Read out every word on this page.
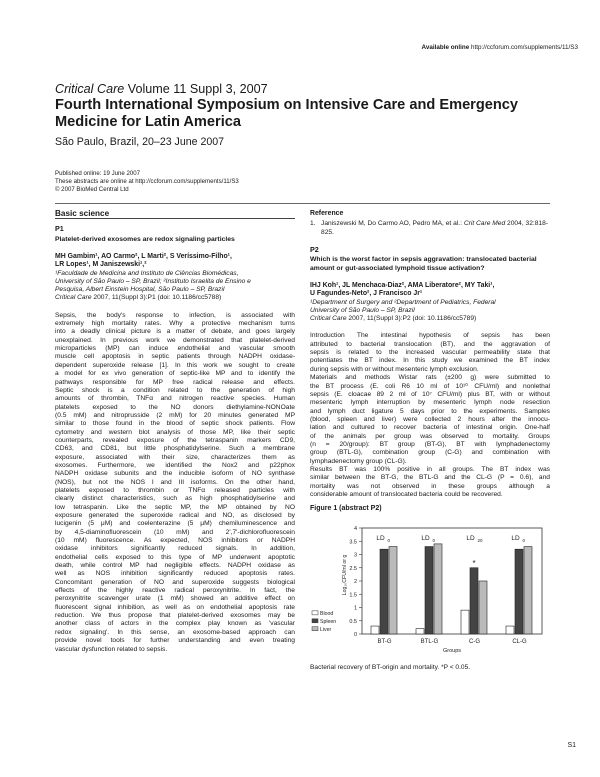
Available online http://ccforum.com/supplements/11/S3
Critical Care Volume 11 Suppl 3, 2007
Fourth International Symposium on Intensive Care and Emergency Medicine for Latin America
São Paulo, Brazil, 20–23 June 2007
Published online: 19 June 2007
These abstracts are online at http://ccforum.com/supplements/11/S3
© 2007 BioMed Central Ltd
Basic science
P1
Platelet-derived exosomes are redox signaling particles
MH Gambim¹, AO Carmo², L Marti², S Veríssimo-Filho¹,
LR Lopes¹, M Janiszewski¹,²
¹Faculdade de Medicina and Instituto de Ciências Biomédicas,
University of São Paulo – SP, Brazil; ²Instituto Israelita de Ensino e
Pesquisa, Albert Einstein Hospital, São Paulo – SP, Brazil
Critical Care 2007, 11(Suppl 3):P1 (doi: 10.1186/cc5788)

Sepsis, the body's response to infection, is associated with

extremely high mortality rates. Why a protective mechanism turns

into a deadly clinical picture is a matter of debate, and goes largely

unexplained. In previous work we demonstrated that platelet-derived

microparticles (MP) can induce endothelial and vascular smooth

muscle cell apoptosis in septic patients through NADPH oxidase-

dependent superoxide release [1]. In this work we sought to create

a model for ex vivo generation of septic-like MP and to identify the

pathways responsible for MP free radical release and effects.

Septic shock is a condition related to the generation of high

amounts of thrombin, TNFα and nitrogen reactive species. Human

platelets exposed to the NO donors diethylamine-NONOate

(0.5 mM) and nitroprusside (2 mM) for 20 minutes generated MP

similar to those found in the blood of septic shock patients. Flow

cytometry and western blot analysis of those MP, like their septic

counterparts, revealed exposure of the tetraspanin markers CD9,

CD63, and CD81, but little phosphatidylserine. Such a membrane

exposure, associated with their size, characterizes them as

exosomes. Furthermore, we identified the Nox2 and p22phox

NADPH oxidase subunits and the inducible isoform of NO synthase

(NOS), but not the NOS I and III isoforms. On the other hand,

platelets exposed to thrombin or TNFα released particles with

clearly distinct characteristics, such as high phosphatidylserine and

low tetraspanin. Like the septic MP, the MP obtained by NO

exposure generated the superoxide radical and NO, as disclosed by

lucigenin (5 μM) and coelenterazine (5 μM) chemiluminescence and

by 4,5-diaminofluorescein (10 mM) and 2',7'-dichlorofluorescein

(10 mM) fluorescence. As expected, NOS inhibitors or NADPH

oxidase inhibitors significantly reduced signals. In addition,

endothelial cells exposed to this type of MP underwent apoptotic

death, while control MP had negligible effects. NADPH oxidase as

well as NOS inhibition significantly reduced apoptosis rates.

Concomitant generation of NO and superoxide suggests biological

effects of the highly reactive radical peroxynitrite. In fact, the

peroxynitrite scavenger urate (1 mM) showed an additive effect on

fluorescent signal inhibition, as well as on endothelial apoptosis rate

reduction. We thus propose that platelet-derived exosomes may be

another class of actors in the complex play known as 'vascular

redox signaling'. In this sense, an exosome-based approach can

provide novel tools for further understanding and even treating

vascular dysfunction related to sepsis.

Reference
1. Janiszewski M, Do Carmo AO, Pedro MA, et al.: Crit Care Med 2004, 32:818-825.
P2
Which is the worst factor in sepsis aggravation: translocated bacterial amount or gut-associated lymphoid tissue activation?
IHJ Koh¹, JL Menchaca-Diaz², AMA Liberatore², MY Taki¹,
U Fagundes-Neto², J Francisco Jr¹
¹Department of Surgery and ²Department of Pediatrics, Federal
University of São Paulo – SP, Brazil
Critical Care 2007, 11(Suppl 3):P2 (doi: 10.1186/cc5789)

Introduction The intestinal hypothesis of sepsis has been

attributed to bacterial translocation (BT), and the aggravation of

sepsis is related to the increased vascular permeability state that

potentiates the BT index. In this study we examined the BT index

during sepsis with or without mesenteric lymph exclusion.

Materials and methods Wistar rats (±200 g) were submitted to

the BT process (E. coli R6 10 ml of 10¹⁰ CFU/ml) and nonlethal

sepsis (E. cloacae 89 2 ml of 10⁷ CFU/ml) plus BT, with or without

mesenteric lymph interruption by mesenteric lymph node resection

and lymph duct ligature 5 days prior to the experiments. Samples

(blood, spleen and liver) were collected 2 hours after the innocu-

lation and cultured to recover bacteria of intestinal origin. One-half

of the animals per group was observed to mortality. Groups

(n = 20/group): BT group (BT-G), BT with lymphadenectomy

group (BTL-G), combination group (C-G) and combination with

lymphadenectomy group (CL-G).

Results BT was 100% positive in all groups. The BT index was

similar between the BT-G, the BTL-G and the CL-G (P = 0.6), and

mortality was not observed in these groups although a

considerable amount of translocated bacteria could be recovered.

Figure 1 (abstract P2)
0
0.5
1
1.5
2
2.5
3
3.5
4
Log₁₀CFU/ml or g
Blood
Spleen
Liver
BT-G
LD 0
BTL-G
LD 0
C-G
LD 20
CL-G
LD 0
*
Groups
Bacterial recovery of BT-origin and mortality. *P < 0.05.
S1
